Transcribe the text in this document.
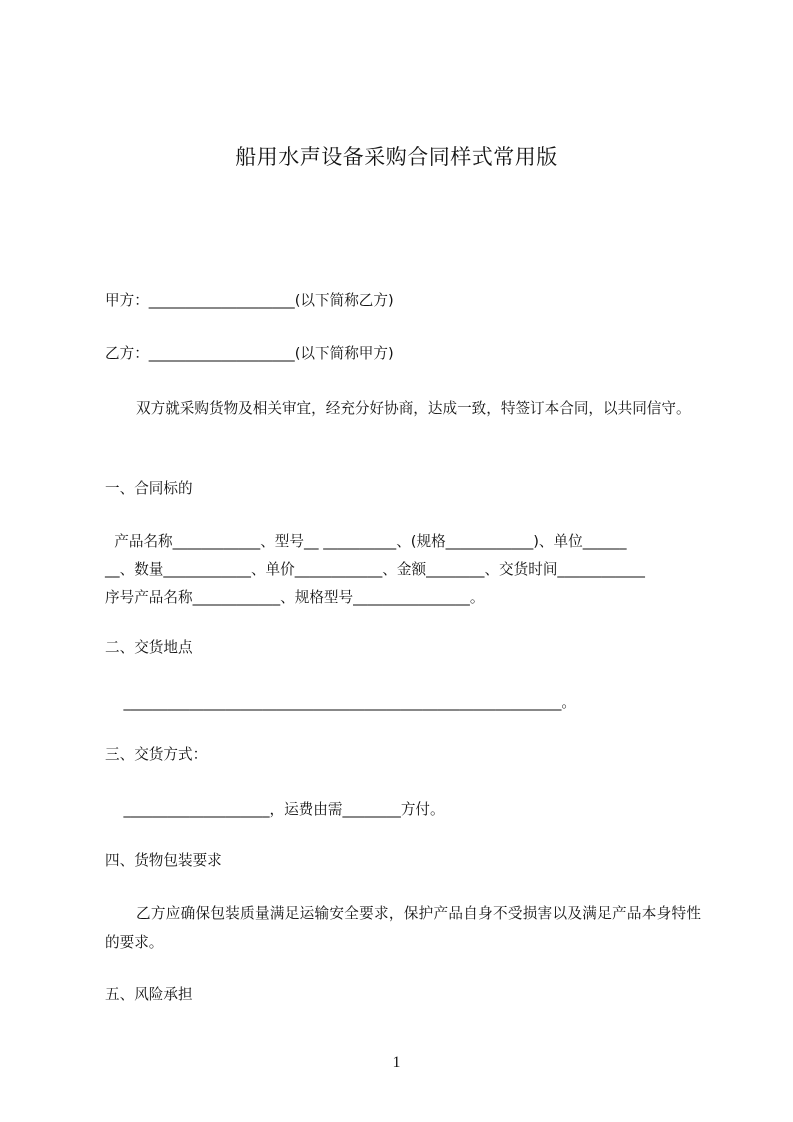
船用水声设备采购合同样式常用版

甲方：____________________(以下简称乙方)

乙方：____________________(以下简称甲方)

双方就采购货物及相关审宜，经充分好协商，达成一致，特签订本合同，以共同信守。

一、合同标的

产品名称____________、型号__ __________、(规格____________)、单位______

__、数量____________、单价____________、金额________、交货时间____________

序号产品名称____________、规格型号________________。

二、交货地点

____________________________________________________________。

三、交货方式：

____________________，运费由需________方付。

四、货物包装要求

乙方应确保包装质量满足运输安全要求，保护产品自身不受损害以及满足产品本身特性的要求。

五、风险承担

1
